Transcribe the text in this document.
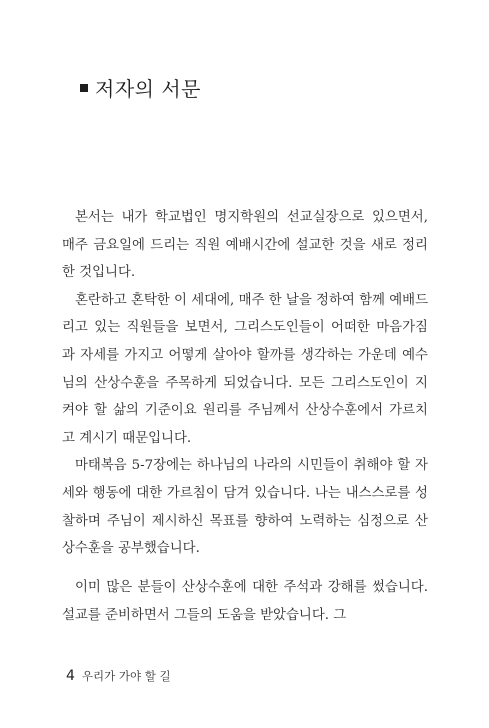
저자의 서문

본서는 내가 학교법인 명지학원의 선교실장으로 있으면서, 매주 금요일에 드리는 직원 예배시간에 설교한 것을 새로 정리한 것입니다.

혼란하고 혼탁한 이 세대에, 매주 한 날을 정하여 함께 예배드리고 있는 직원들을 보면서, 그리스도인들이 어떠한 마음가짐과 자세를 가지고 어떻게 살아야 할까를 생각하는 가운데 예수님의 산상수훈을 주목하게 되었습니다. 모든 그리스도인이 지켜야 할 삶의 기준이요 원리를 주님께서 산상수훈에서 가르치고 계시기 때문입니다.

마태복음 5-7장에는 하나님의 나라의 시민들이 취해야 할 자세와 행동에 대한 가르침이 담겨 있습니다. 나는 내스스로를 성찰하며 주님이 제시하신 목표를 향하여 노력하는 심정으로 산상수훈을 공부했습니다.

이미 많은 분들이 산상수훈에 대한 주석과 강해를 썼습니다. 설교를 준비하면서 그들의 도움을 받았습니다. 그

4 우리가 가야 할 길
